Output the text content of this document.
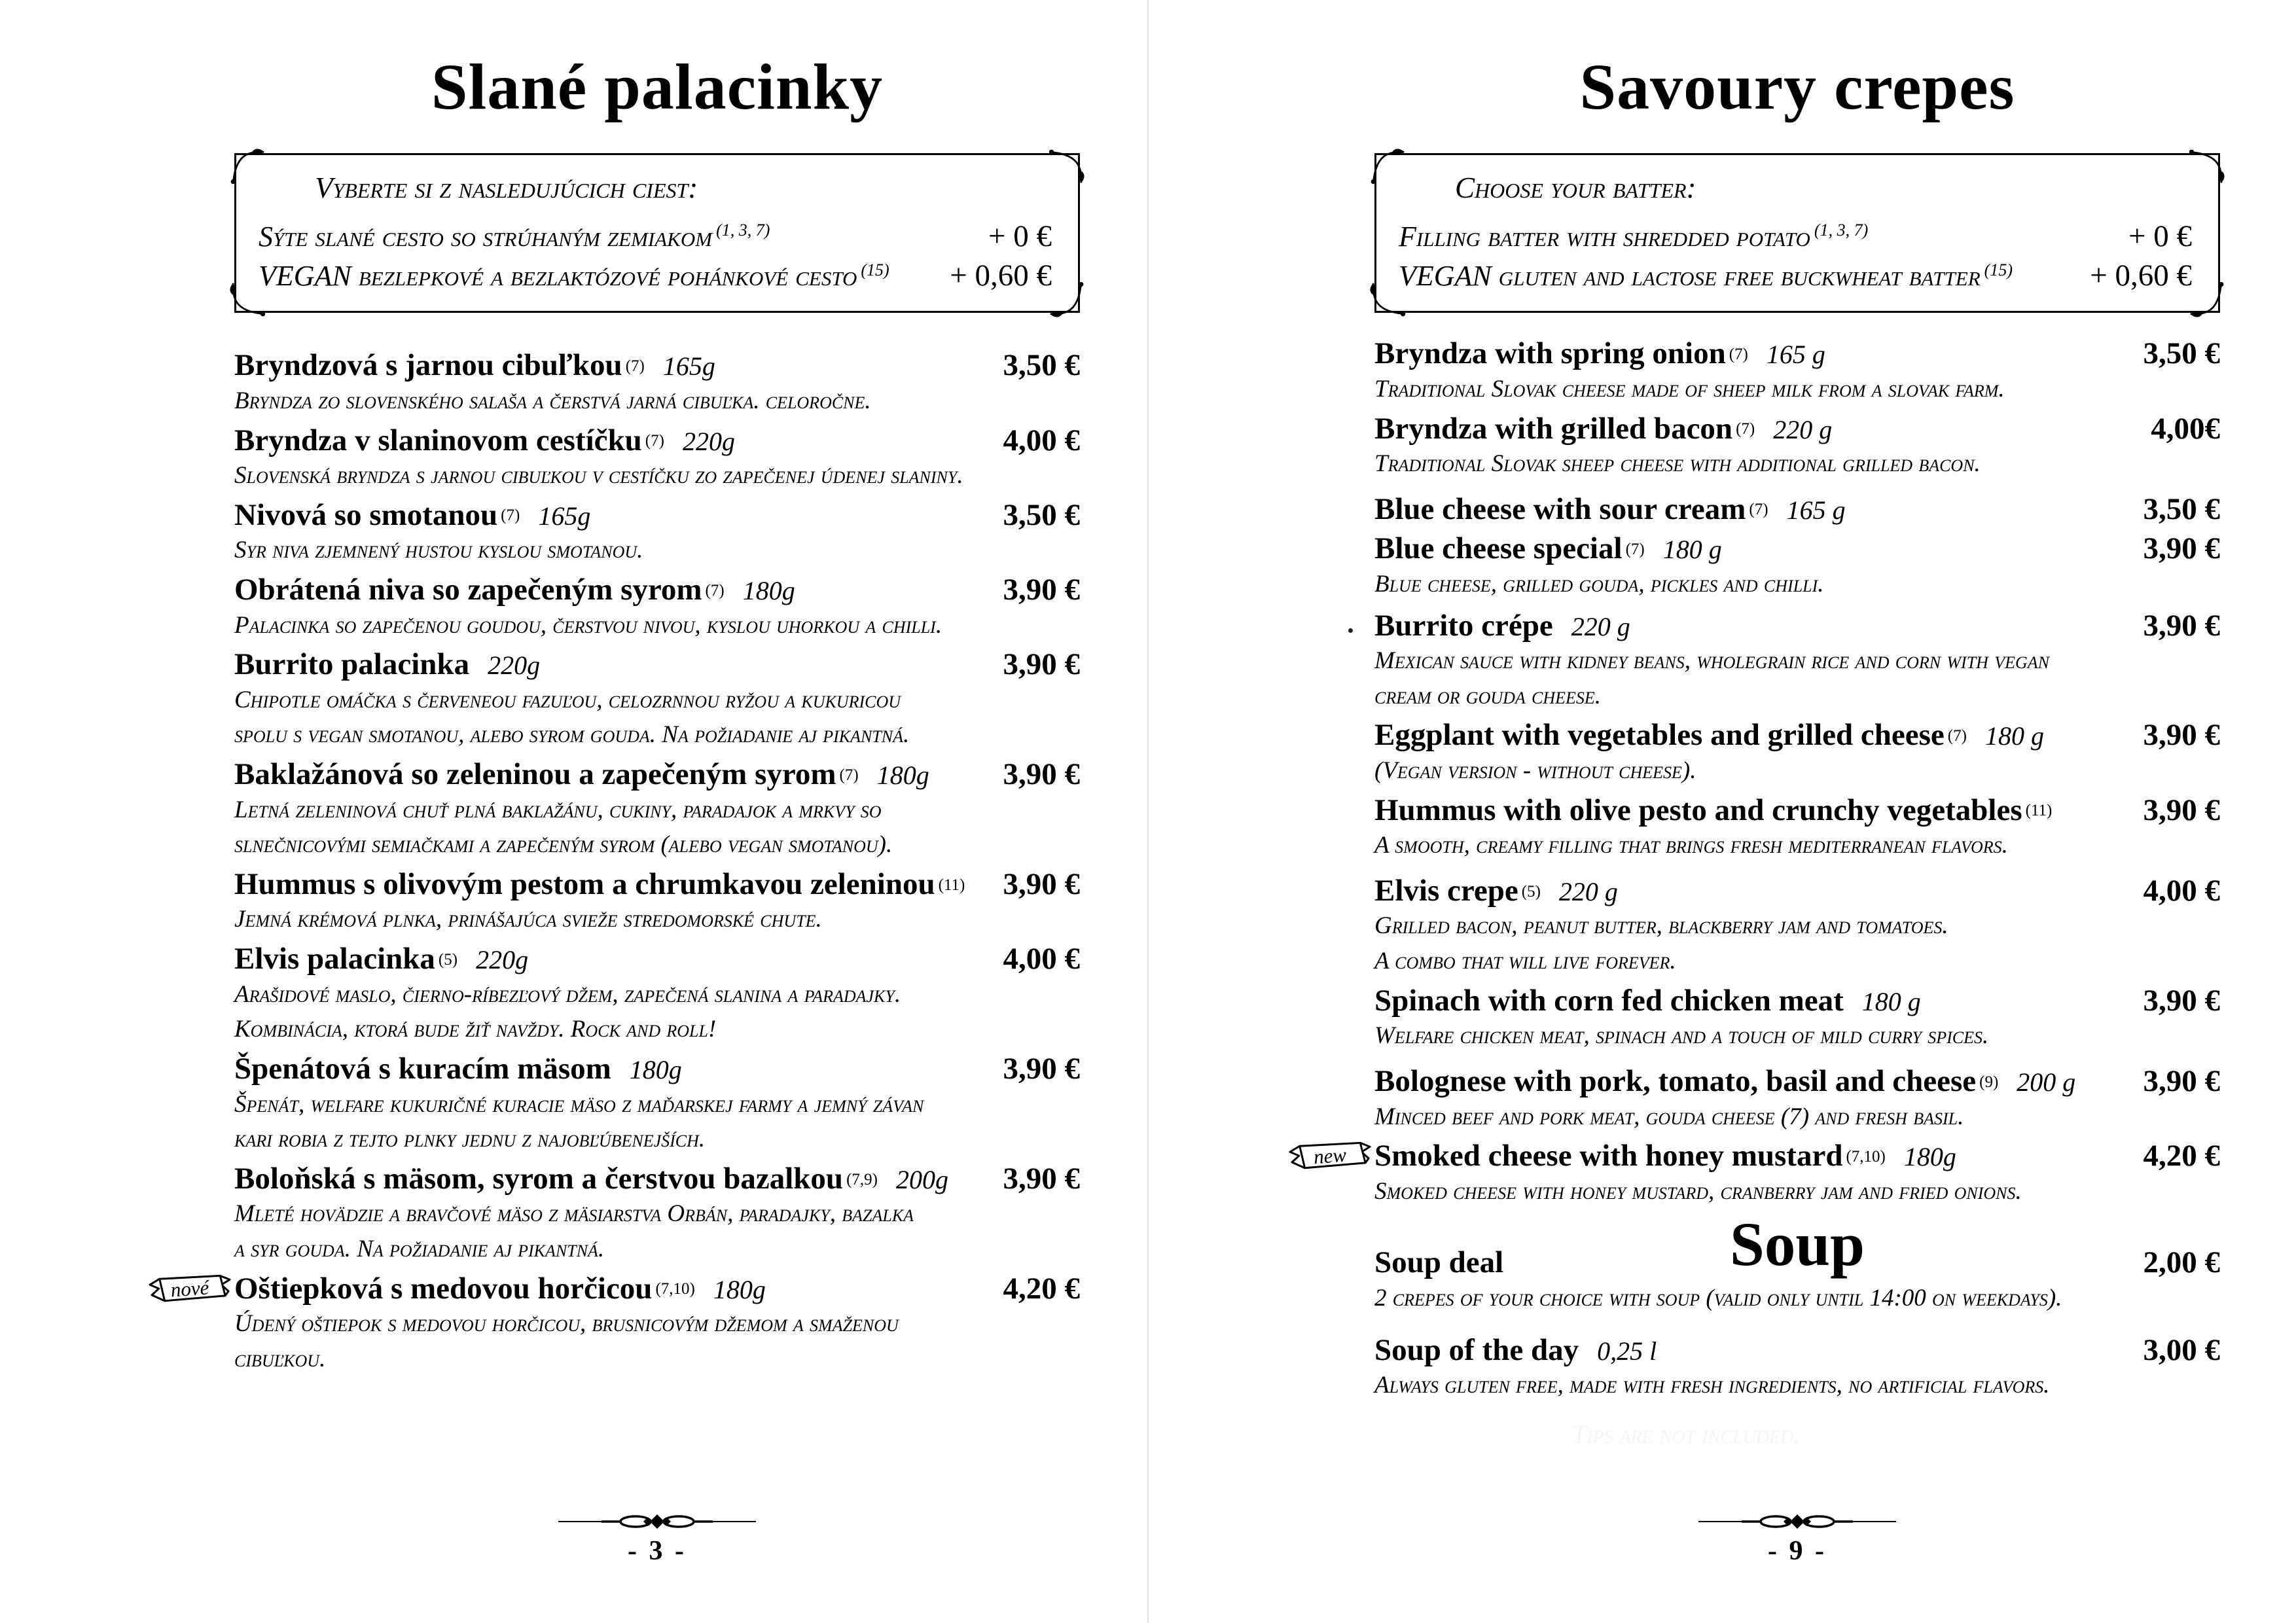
Slané palacinky
Vyberte si z nasledujúcich ciest:
Sýte slané cesto so strúhaným zemiakom $^{(1, 3, 7)}$	+ 0 €
VEGAN bezlepkové a bezlaktózové pohánkové cesto $^{(15)}$ + 0,60 €
Bryndzová s jarnou cibuľkou $^{(7)}$ 165g	3,50 €
Bryndza zo slovenského salaša a čerstvá jarná cibuľka. celoročne.
Bryndza v slaninovom cestíčku $^{(7)}$ 220g	4,00 €
Slovenská bryndza s jarnou cibuľkou v cestíčku zo zapečenej údenej slaniny.
Nivová so smotanou $^{(7)}$ 165g	3,50 €
Syr niva zjemnený hustou kyslou smotanou.
Obrátená niva so zapečeným syrom $^{(7)}$ 180g	3,90 €
Palacinka so zapečenou goudou, čerstvou nivou, kyslou uhorkou a chilli.
Burrito palacinka 220g	3,90 €
Chipotle omáčka s červeneou fazuľou, celozrnnou ryžou a kukuricou
spolu s vegan smotanou, alebo syrom gouda. Na požiadanie aj pikantná.
Baklažánová so zeleninou a zapečeným syrom $^{(7)}$ 180g	3,90 €
Letná zeleninová chuť plná baklažánu, cukiny, paradajok a mrkvy so
slnečnicovými semiačkami a zapečeným syrom (alebo vegan smotanou).
Hummus s olivovým pestom a chrumkavou zeleninou $^{(11)}$	3,90 €
Jemná krémová plnka, prinášajúca svieže stredomorské chute.
Elvis palacinka $^{(5)}$ 220g	4,00 €
Arašidové maslo, čierno-ríbezľový džem, zapečená slanina a paradajky.
Kombinácia, ktorá bude žiť navždy. Rock and roll!
Špenátová s kuracím mäsom 180g	3,90 €
Špenát, welfare kukuričné kuracie mäso z maďarskej farmy a jemný závan
kari robia z tejto plnky jednu z najobľúbenejších.
Boloňská s mäsom, syrom a čerstvou bazalkou $^{(7,9)}$ 200g	3,90 €
Mleté hovädzie a bravčové mäso z mäsiarstva Orbán, paradajky, bazalka
a syr gouda. Na požiadanie aj pikantná.
nové Oštiepková s medovou horčicou $^{(7,10)}$ 180g	4,20 €
Údený oštiepok s medovou horčicou, brusnicovým džemom a smaženou
cibuľkou.
- 3 -
Savoury crepes
Choose your batter:
Filling batter with shredded potato $^{(1, 3, 7)}$	+ 0 €
VEGAN gluten and lactose free buckwheat batter $^{(15)}$	+ 0,60 €
Bryndza with spring onion $^{(7)}$ 165 g	3,50 €
Traditional Slovak cheese made of sheep milk from a slovak farm.
Bryndza with grilled bacon $^{(7)}$ 220 g	4,00€
Traditional Slovak sheep cheese with additional grilled bacon.
Blue cheese with sour cream $^{(7)}$ 165 g	3,50 €
Blue cheese special $^{(7)}$ 180 g	3,90 €
Blue cheese, grilled gouda, pickles and chilli.
Burrito crépe 220 g	3,90 €
Mexican sauce with kidney beans, wholegrain rice and corn with vegan
cream or gouda cheese.
Eggplant with vegetables and grilled cheese $^{(7)}$ 180 g	3,90 €
(Vegan version - without cheese).
Hummus with olive pesto and crunchy vegetables $^{(11)}$	3,90 €
A smooth, creamy filling that brings fresh mediterranean flavors.
Elvis crepe $^{(5)}$ 220 g	4,00 €
Grilled bacon, peanut butter, blackberry jam and tomatoes.
A combo that will live forever.
Spinach with corn fed chicken meat 180 g	3,90 €
Welfare chicken meat, spinach and a touch of mild curry spices.
Bolognese with pork, tomato, basil and cheese $^{(9)}$ 200 g	3,90 €
Minced beef and pork meat, gouda cheese (7) and fresh basil.
new Smoked cheese with honey mustard $^{(7,10)}$ 180g	4,20 €
Smoked cheese with honey mustard, cranberry jam and fried onions.
Soup
Soup deal	2,00 €
2 crepes of your choice with soup (valid only until 14:00 on weekdays).
Soup of the day 0,25 l	3,00 €
Always gluten free, made with fresh ingredients, no artificial flavors.
Tips are not included.
- 9 -
